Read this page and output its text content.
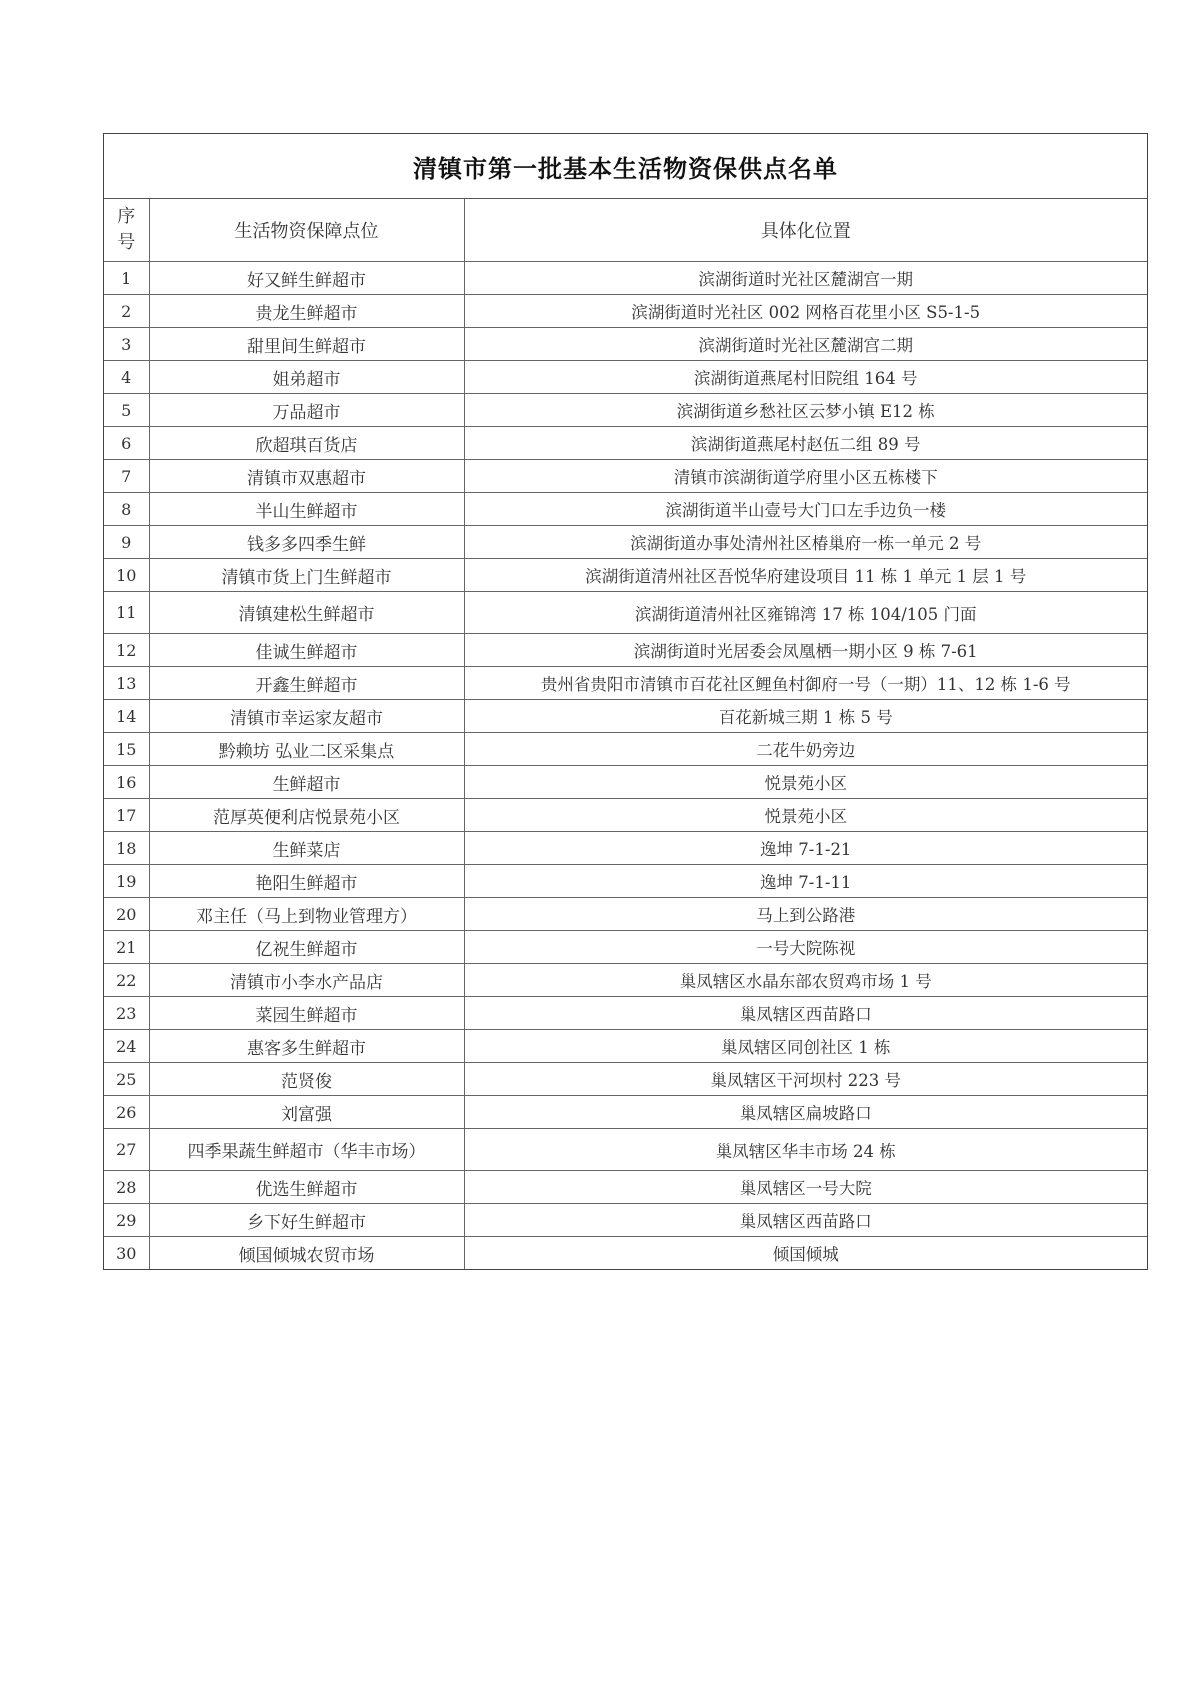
清镇市第一批基本生活物资保供点名单
序
号	生活物资保障点位	具体化位置
1	好又鲜生鲜超市	滨湖街道时光社区麓湖宫一期
2	贵龙生鲜超市	滨湖街道时光社区 002 网格百花里小区 S5-1-5
3	甜里间生鲜超市	滨湖街道时光社区麓湖宫二期
4	姐弟超市	滨湖街道燕尾村旧院组 164 号
5	万品超市	滨湖街道乡愁社区云梦小镇 E12 栋
6	欣超琪百货店	滨湖街道燕尾村赵伍二组 89 号
7	清镇市双惠超市	清镇市滨湖街道学府里小区五栋楼下
8	半山生鲜超市	滨湖街道半山壹号大门口左手边负一楼
9	钱多多四季生鲜	滨湖街道办事处清州社区椿巢府一栋一单元 2 号
10	清镇市货上门生鲜超市	滨湖街道清州社区吾悦华府建设项目 11 栋 1 单元 1 层 1 号
11	清镇建松生鲜超市	滨湖街道清州社区雍锦湾 17 栋 104/105 门面
12	佳诚生鲜超市	滨湖街道时光居委会凤凰栖一期小区 9 栋 7-61
13	开鑫生鲜超市	贵州省贵阳市清镇市百花社区鲤鱼村御府一号（一期）11、12 栋 1-6 号
14	清镇市幸运家友超市	百花新城三期 1 栋 5 号
15	黔赖坊 弘业二区采集点	二花牛奶旁边
16	生鲜超市	悦景苑小区
17	范厚英便利店悦景苑小区	悦景苑小区
18	生鲜菜店	逸坤 7-1-21
19	艳阳生鲜超市	逸坤 7-1-11
20	邓主任（马上到物业管理方）	马上到公路港
21	亿祝生鲜超市	一号大院陈视
22	清镇市小李水产品店	巢凤辖区水晶东部农贸鸡市场 1 号
23	菜园生鲜超市	巢凤辖区西苗路口
24	惠客多生鲜超市	巢凤辖区同创社区 1 栋
25	范贤俊	巢凤辖区干河坝村 223 号
26	刘富强	巢凤辖区扁坡路口
27	四季果蔬生鲜超市（华丰市场）	巢凤辖区华丰市场 24 栋
28	优选生鲜超市	巢凤辖区一号大院
29	乡下好生鲜超市	巢凤辖区西苗路口
30	倾国倾城农贸市场	倾国倾城
